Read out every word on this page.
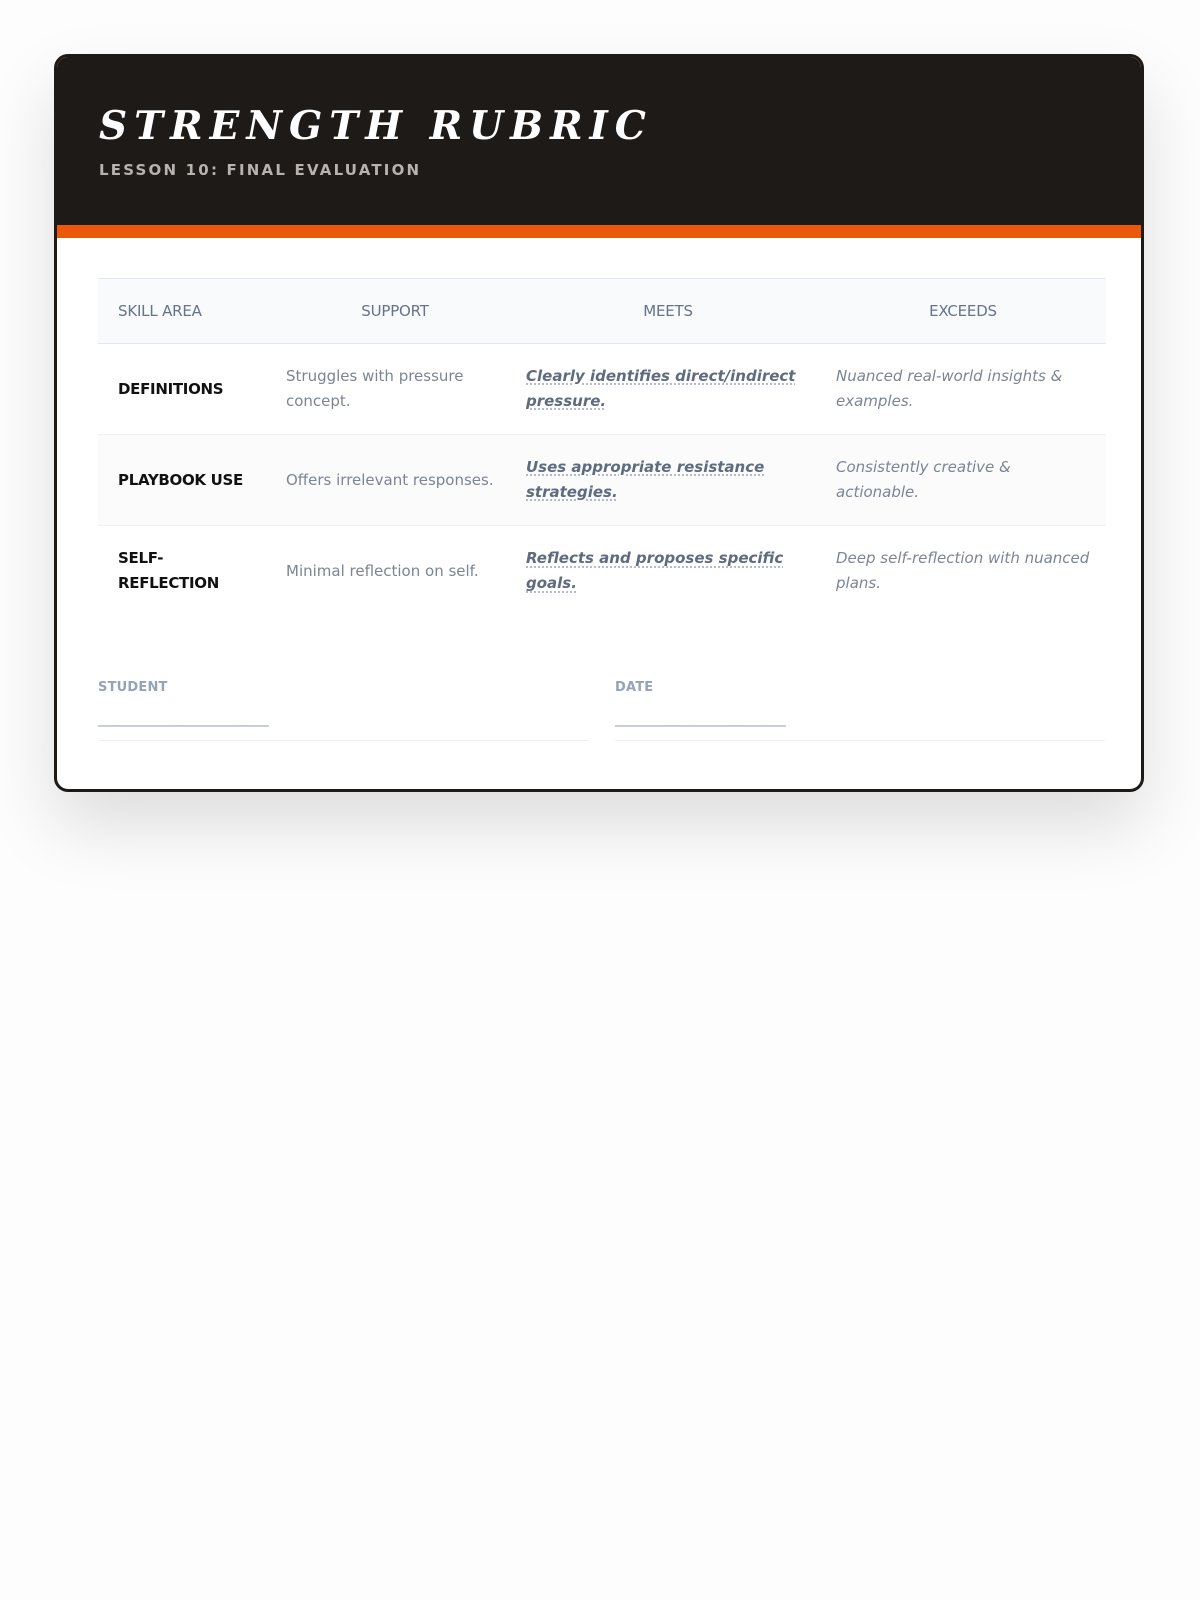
STRENGTH RUBRIC
LESSON 10: FINAL EVALUATION
SKILL AREA	SUPPORT	MEETS	EXCEEDS
DEFINITIONS	Struggles with pressure concept.	Clearly identifies direct/indirect pressure.	Nuanced real-world insights & examples.
PLAYBOOK USE	Offers irrelevant responses.	Uses appropriate resistance strategies.	Consistently creative & actionable.
SELF-REFLECTION	Minimal reflection on self.	Reflects and proposes specific goals.	Deep self-reflection with nuanced plans.
STUDENT
________________________
DATE
________________________
